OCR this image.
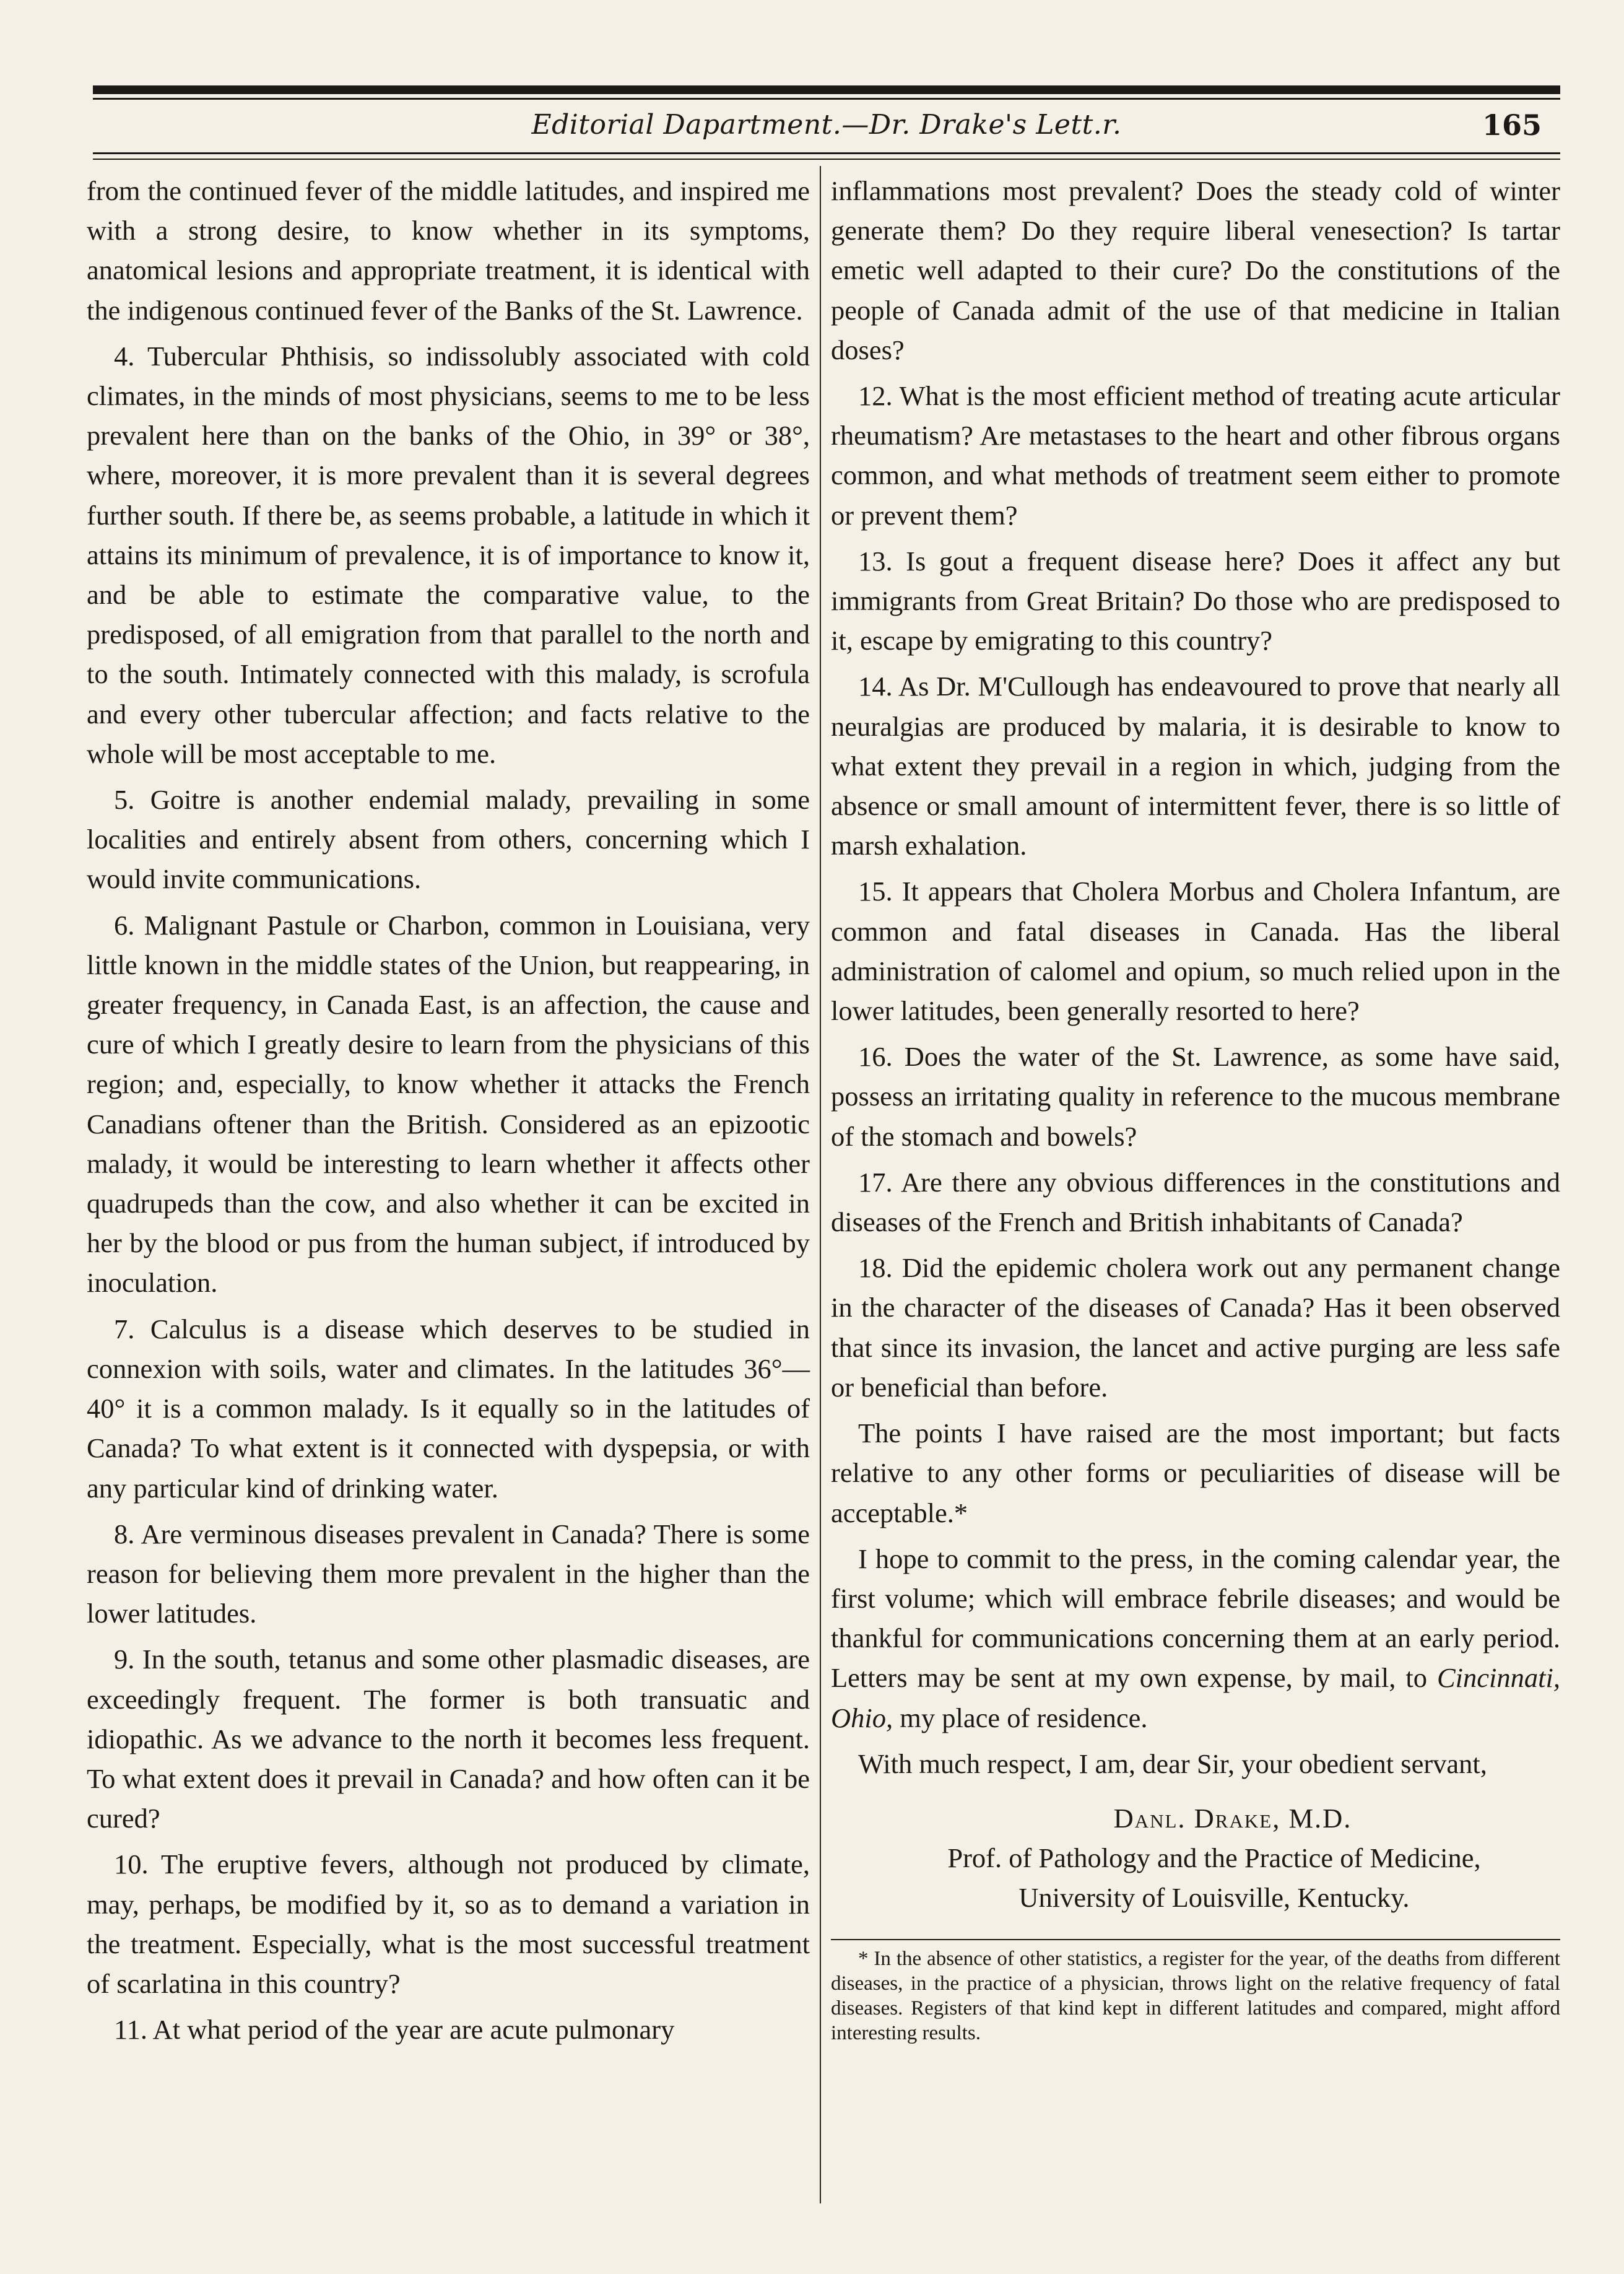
Editorial Dapartment.—Dr. Drake's Lett.r.	165

from the continued fever of the middle latitudes, and inspired me with a strong desire, to know whether in its symptoms, anatomical lesions and appropriate treatment, it is identical with the indigenous continued fever of the Banks of the St. Lawrence.

4. Tubercular Phthisis, so indissolubly associated with cold climates, in the minds of most physicians, seems to me to be less prevalent here than on the banks of the Ohio, in 39° or 38°, where, moreover, it is more prevalent than it is several degrees further south. If there be, as seems probable, a latitude in which it attains its minimum of prevalence, it is of importance to know it, and be able to estimate the comparative value, to the predisposed, of all emigration from that parallel to the north and to the south. Intimately connected with this malady, is scrofula and every other tubercular affection; and facts relative to the whole will be most acceptable to me.

5. Goitre is another endemial malady, prevailing in some localities and entirely absent from others, concerning which I would invite communications.

6. Malignant Pastule or Charbon, common in Louisiana, very little known in the middle states of the Union, but reappearing, in greater frequency, in Canada East, is an affection, the cause and cure of which I greatly desire to learn from the physicians of this region; and, especially, to know whether it attacks the French Canadians oftener than the British. Considered as an epizootic malady, it would be interesting to learn whether it affects other quadrupeds than the cow, and also whether it can be excited in her by the blood or pus from the human subject, if introduced by inoculation.

7. Calculus is a disease which deserves to be studied in connexion with soils, water and climates. In the latitudes 36°—40° it is a common malady. Is it equally so in the latitudes of Canada? To what extent is it connected with dyspepsia, or with any particular kind of drinking water.

8. Are verminous diseases prevalent in Canada? There is some reason for believing them more prevalent in the higher than the lower latitudes.

9. In the south, tetanus and some other plasmadic diseases, are exceedingly frequent. The former is both transuatic and idiopathic. As we advance to the north it becomes less frequent. To what extent does it prevail in Canada? and how often can it be cured?

10. The eruptive fevers, although not produced by climate, may, perhaps, be modified by it, so as to demand a variation in the treatment. Especially, what is the most successful treatment of scarlatina in this country?

11. At what period of the year are acute pulmonary

inflammations most prevalent? Does the steady cold of winter generate them? Do they require liberal venesection? Is tartar emetic well adapted to their cure? Do the constitutions of the people of Canada admit of the use of that medicine in Italian doses?

12. What is the most efficient method of treating acute articular rheumatism? Are metastases to the heart and other fibrous organs common, and what methods of treatment seem either to promote or prevent them?

13. Is gout a frequent disease here? Does it affect any but immigrants from Great Britain? Do those who are predisposed to it, escape by emigrating to this country?

14. As Dr. M'Cullough has endeavoured to prove that nearly all neuralgias are produced by malaria, it is desirable to know to what extent they prevail in a region in which, judging from the absence or small amount of intermittent fever, there is so little of marsh exhalation.

15. It appears that Cholera Morbus and Cholera Infantum, are common and fatal diseases in Canada. Has the liberal administration of calomel and opium, so much relied upon in the lower latitudes, been generally resorted to here?

16. Does the water of the St. Lawrence, as some have said, possess an irritating quality in reference to the mucous membrane of the stomach and bowels?

17. Are there any obvious differences in the constitutions and diseases of the French and British inhabitants of Canada?

18. Did the epidemic cholera work out any permanent change in the character of the diseases of Canada? Has it been observed that since its invasion, the lancet and active purging are less safe or beneficial than before.

The points I have raised are the most important; but facts relative to any other forms or peculiarities of disease will be acceptable.*

I hope to commit to the press, in the coming calendar year, the first volume; which will embrace febrile diseases; and would be thankful for communications concerning them at an early period. Letters may be sent at my own expense, by mail, to Cincinnati, Ohio, my place of residence.

With much respect, I am, dear Sir, your obedient servant,

Danl. Drake, M.D.
Prof. of Pathology and the Practice of Medicine,
University of Louisville, Kentucky.

* In the absence of other statistics, a register for the year, of the deaths from different diseases, in the practice of a physician, throws light on the relative frequency of fatal diseases. Registers of that kind kept in different latitudes and compared, might afford interesting results.
